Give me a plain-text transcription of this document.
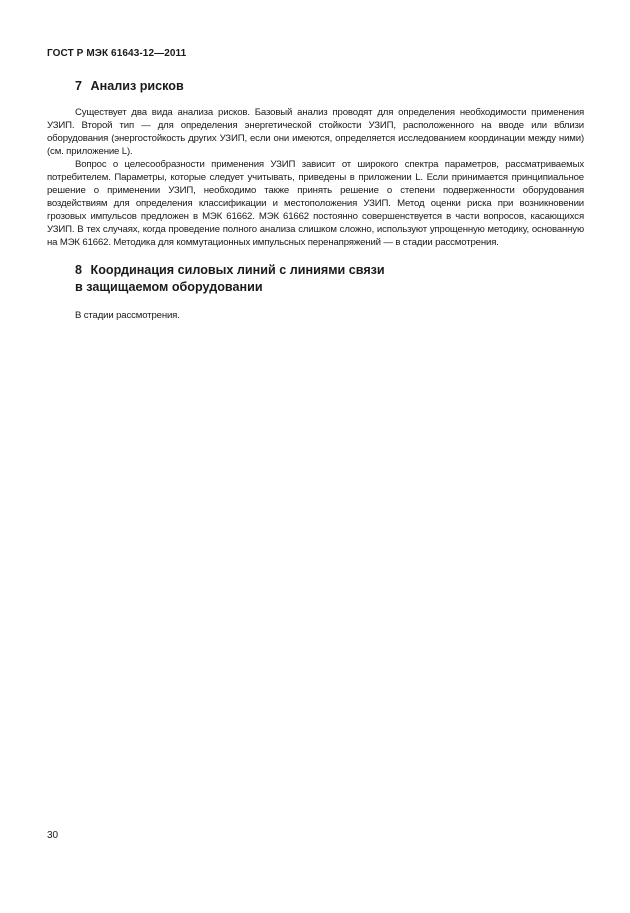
ГОСТ Р МЭК 61643-12—2011
7 Анализ рисков

Существует два вида анализа рисков. Базовый анализ проводят для определения необходимости применения УЗИП. Второй тип — для определения энергетической стойкости УЗИП, расположенного на вводе или вблизи оборудования (энергостойкость других УЗИП, если они имеются, определяется исследованием координации между ними) (см. приложение L).

Вопрос о целесообразности применения УЗИП зависит от широкого спектра параметров, рассматриваемых потребителем. Параметры, которые следует учитывать, приведены в приложении L. Если принимается принципиальное решение о применении УЗИП, необходимо также принять решение о степени подверженности оборудования воздействиям для определения классификации и местоположения УЗИП. Метод оценки риска при возникновении грозовых импульсов предложен в МЭК 61662. МЭК 61662 постоянно совершенствуется в части вопросов, касающихся УЗИП. В тех случаях, когда проведение полного анализа слишком сложно, используют упрощенную методику, основанную на МЭК 61662. Методика для коммутационных импульсных перенапряжений — в стадии рассмотрения.

8 Координация силовых линий с линиями связи
в защищаемом оборудовании

В стадии рассмотрения.

30
